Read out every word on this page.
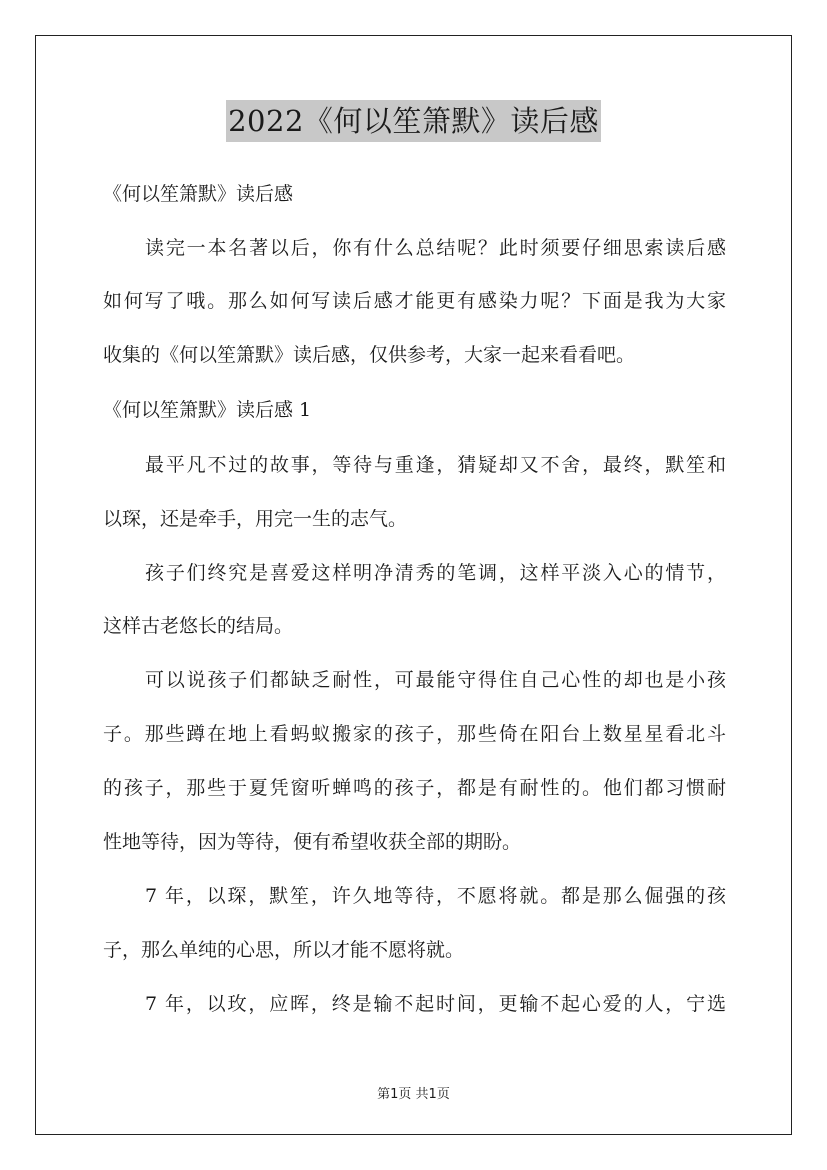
2022《何以笙箫默》读后感
《何以笙箫默》读后感
读完一本名著以后，你有什么总结呢？此时须要仔细思索读后感
如何写了哦。那么如何写读后感才能更有感染力呢？下面是我为大家
收集的《何以笙箫默》读后感，仅供参考，大家一起来看看吧。
《何以笙箫默》读后感 1
最平凡不过的故事，等待与重逢，猜疑却又不舍，最终，默笙和
以琛，还是牵手，用完一生的志气。
孩子们终究是喜爱这样明净清秀的笔调，这样平淡入心的情节，
这样古老悠长的结局。
可以说孩子们都缺乏耐性，可最能守得住自己心性的却也是小孩
子。那些蹲在地上看蚂蚁搬家的孩子，那些倚在阳台上数星星看北斗
的孩子，那些于夏凭窗听蝉鸣的孩子，都是有耐性的。他们都习惯耐
性地等待，因为等待，便有希望收获全部的期盼。
7 年，以琛，默笙，许久地等待，不愿将就。都是那么倔强的孩
子，那么单纯的心思，所以才能不愿将就。
7 年，以玫，应晖，终是输不起时间，更输不起心爱的人，宁选
第1页 共1页
